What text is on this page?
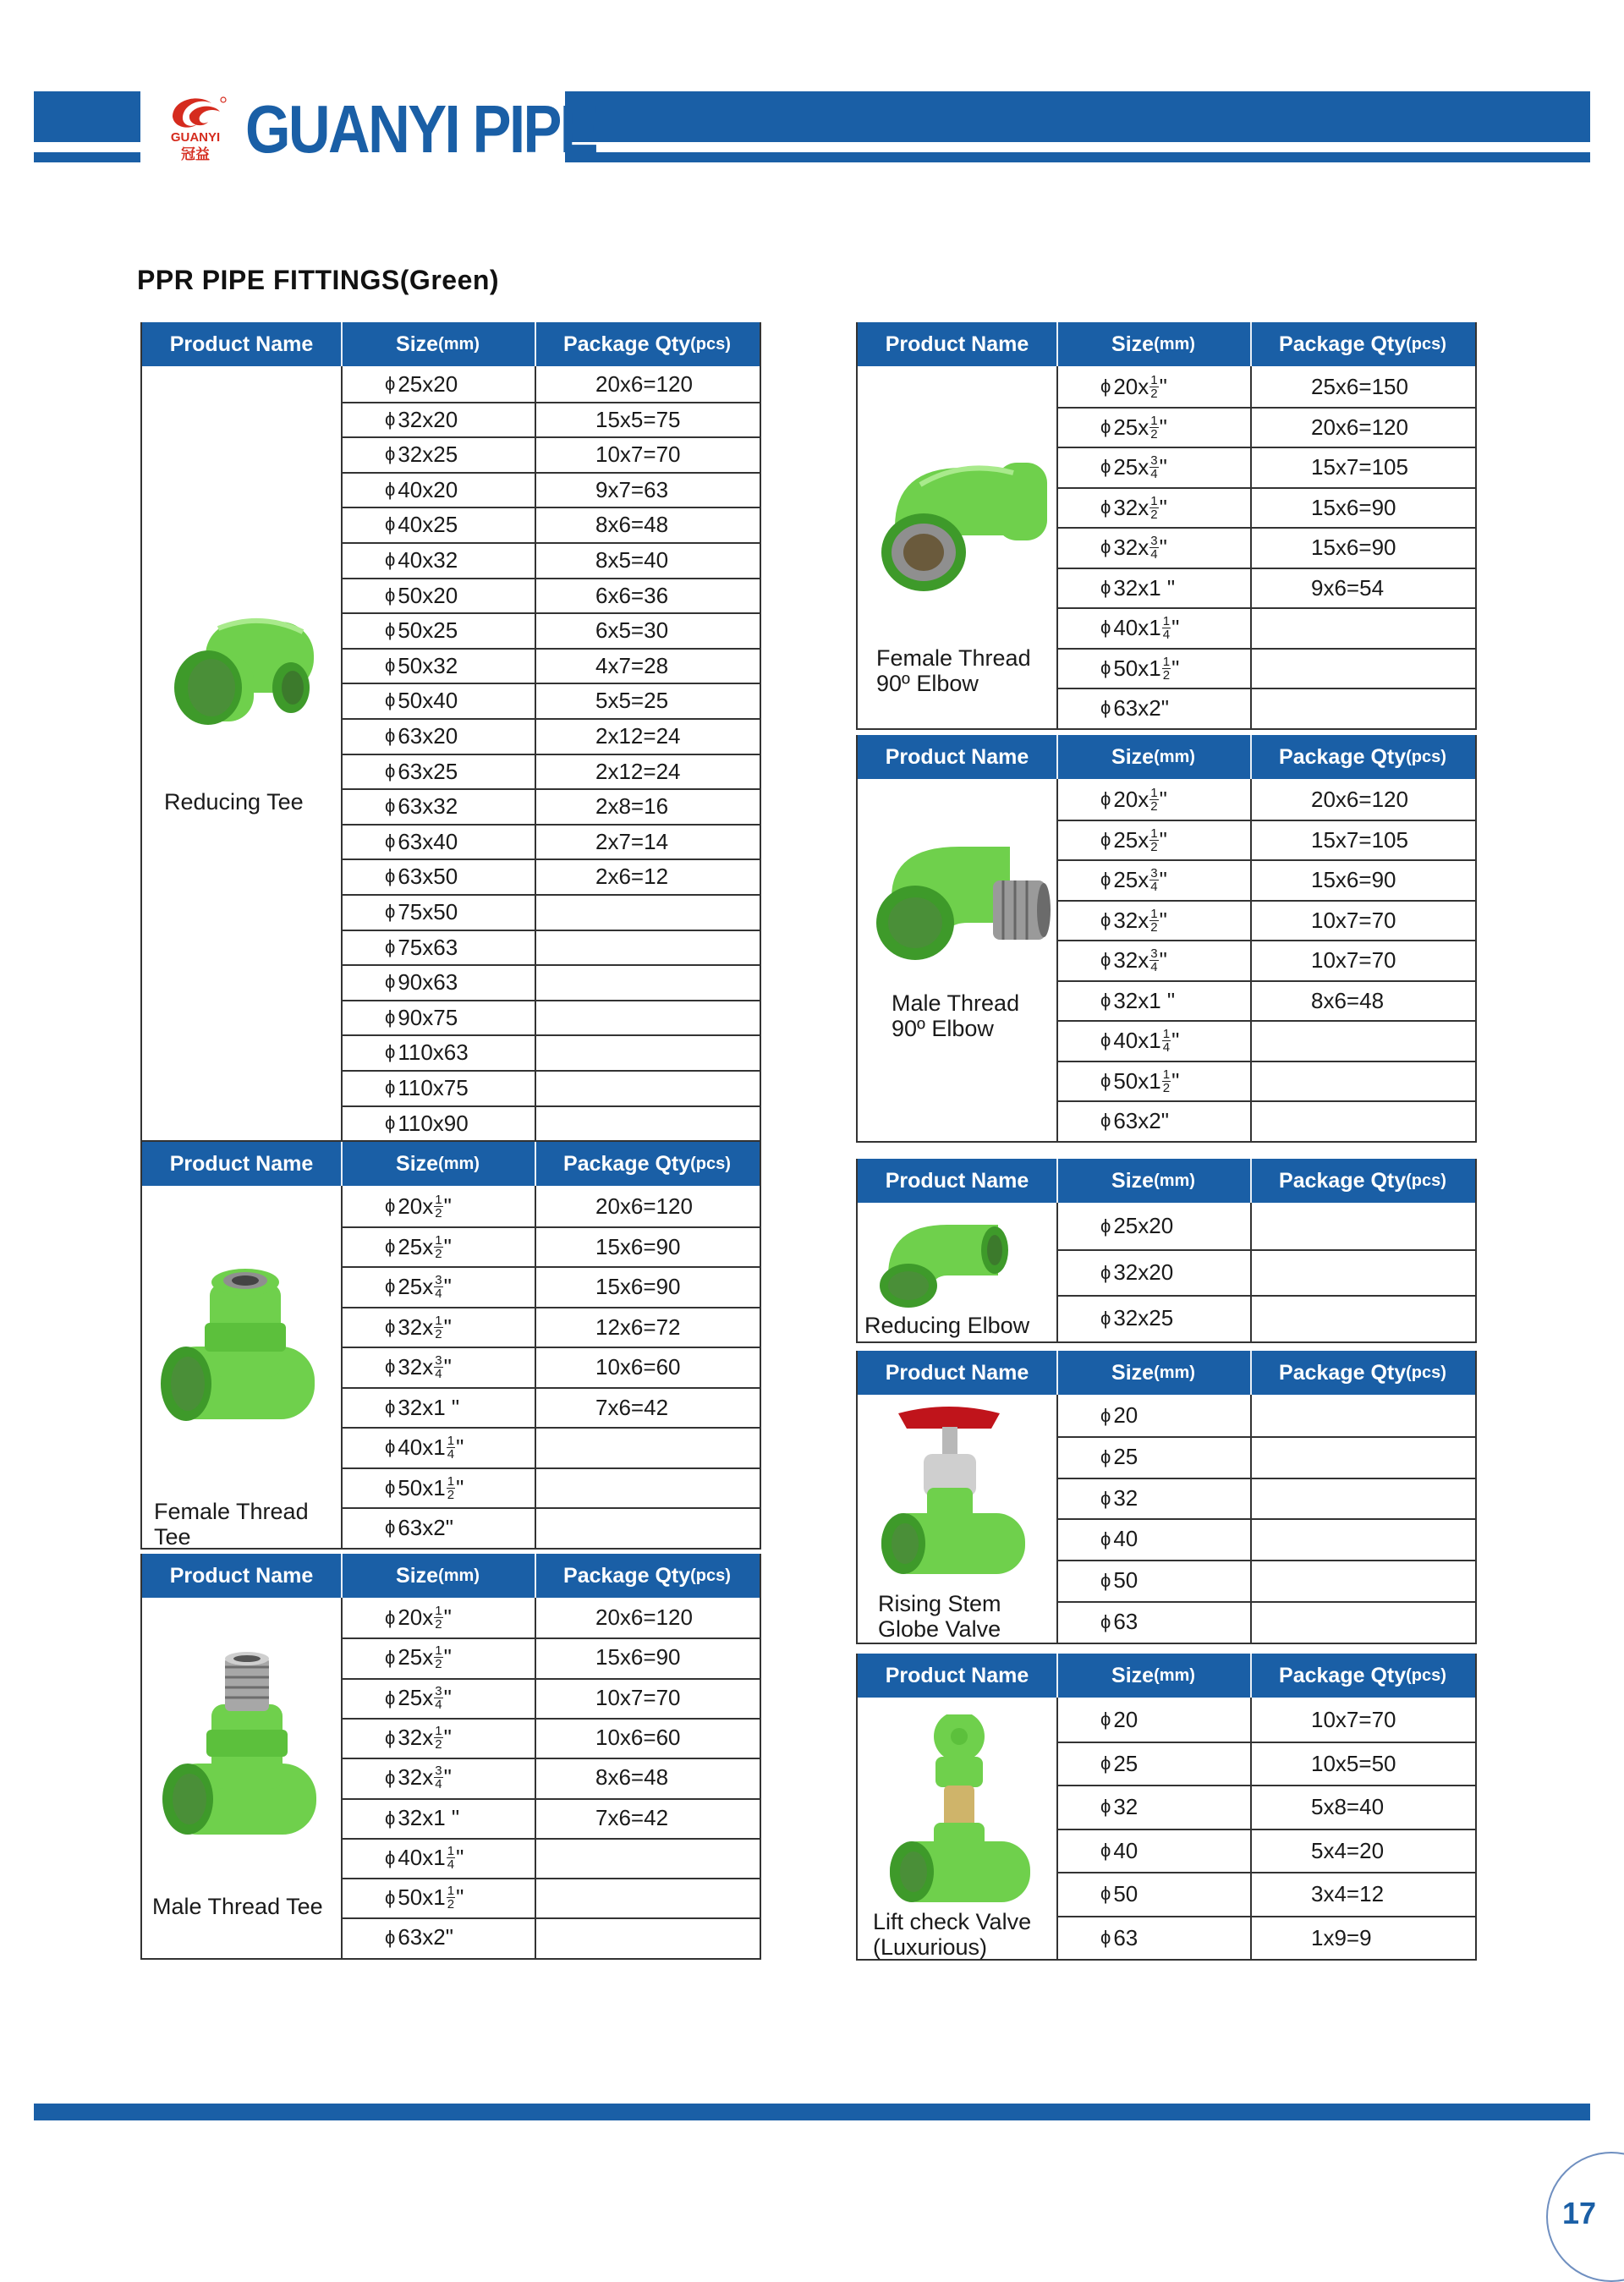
GUANYI
冠益 GUANYI PIPE
PPR PIPE FITTINGS(Green)
Product Name	Size (mm)	Package Qty (pcs)
Reducing Tee
ϕ 25x20	20x6=120
ϕ 32x20	15x5=75
ϕ 32x25	10x7=70
ϕ 40x20	9x7=63
ϕ 40x25	8x6=48
ϕ 40x32	8x5=40
ϕ 50x20	6x6=36
ϕ 50x25	6x5=30
ϕ 50x32	4x7=28
ϕ 50x40	5x5=25
ϕ 63x20	2x12=24
ϕ 63x25	2x12=24
ϕ 63x32	2x8=16
ϕ 63x40	2x7=14
ϕ 63x50	2x6=12
ϕ 75x50
ϕ 75x63
ϕ 90x63
ϕ 90x75
ϕ 110x63
ϕ 110x75
ϕ 110x90
Product Name	Size (mm)	Package Qty (pcs)
Female Thread Tee
ϕ $20x \frac{1}{2}$ "	20x6=120
ϕ $25x \frac{1}{2}$ "	15x6=90
ϕ $25x \frac{3}{4}$ "	15x6=90
ϕ $32x \frac{1}{2}$ "	12x6=72
ϕ $32x \frac{3}{4}$ "	10x6=60
ϕ 32x1 "	7x6=42
ϕ $40x1 \frac{1}{4}$ "
ϕ $50x1 \frac{1}{2}$ "
ϕ 63x2"
Product Name	Size (mm)	Package Qty (pcs)
Male Thread Tee
ϕ $20x \frac{1}{2}$ "	20x6=120
ϕ $25x \frac{1}{2}$ "	15x6=90
ϕ $25x \frac{3}{4}$ "	10x7=70
ϕ $32x \frac{1}{2}$ "	10x6=60
ϕ $32x \frac{3}{4}$ "	8x6=48
ϕ 32x1 "	7x6=42
ϕ $40x1 \frac{1}{4}$ "
ϕ $50x1 \frac{1}{2}$ "
ϕ 63x2"
Product Name	Size (mm)	Package Qty (pcs)
Female Thread
90º Elbow
ϕ $20x \frac{1}{2}$ "	25x6=150
ϕ $25x \frac{1}{2}$ "	20x6=120
ϕ $25x \frac{3}{4}$ "	15x7=105
ϕ $32x \frac{1}{2}$ "	15x6=90
ϕ $32x \frac{3}{4}$ "	15x6=90
ϕ 32x1 "	9x6=54
ϕ $40x1 \frac{1}{4}$ "
ϕ $50x1 \frac{1}{2}$ "
ϕ 63x2"
Product Name	Size (mm)	Package Qty (pcs)
Male Thread
90º Elbow
ϕ $20x \frac{1}{2}$ "	20x6=120
ϕ $25x \frac{1}{2}$ "	15x7=105
ϕ $25x \frac{3}{4}$ "	15x6=90
ϕ $32x \frac{1}{2}$ "	10x7=70
ϕ $32x \frac{3}{4}$ "	10x7=70
ϕ 32x1 "	8x6=48
ϕ $40x1 \frac{1}{4}$ "
ϕ $50x1 \frac{1}{2}$ "
ϕ 63x2"
Product Name	Size (mm)	Package Qty (pcs)
Reducing Elbow
ϕ 25x20
ϕ 32x20
ϕ 32x25
Product Name	Size (mm)	Package Qty (pcs)
Rising Stem
Globe Valve
ϕ 20
ϕ 25
ϕ 32
ϕ 40
ϕ 50
ϕ 63
Product Name	Size (mm)	Package Qty (pcs)
Lift check Valve
(Luxurious)
ϕ 20	10x7=70
ϕ 25	10x5=50
ϕ 32	5x8=40
ϕ 40	5x4=20
ϕ 50	3x4=12
ϕ 63	1x9=9
17
